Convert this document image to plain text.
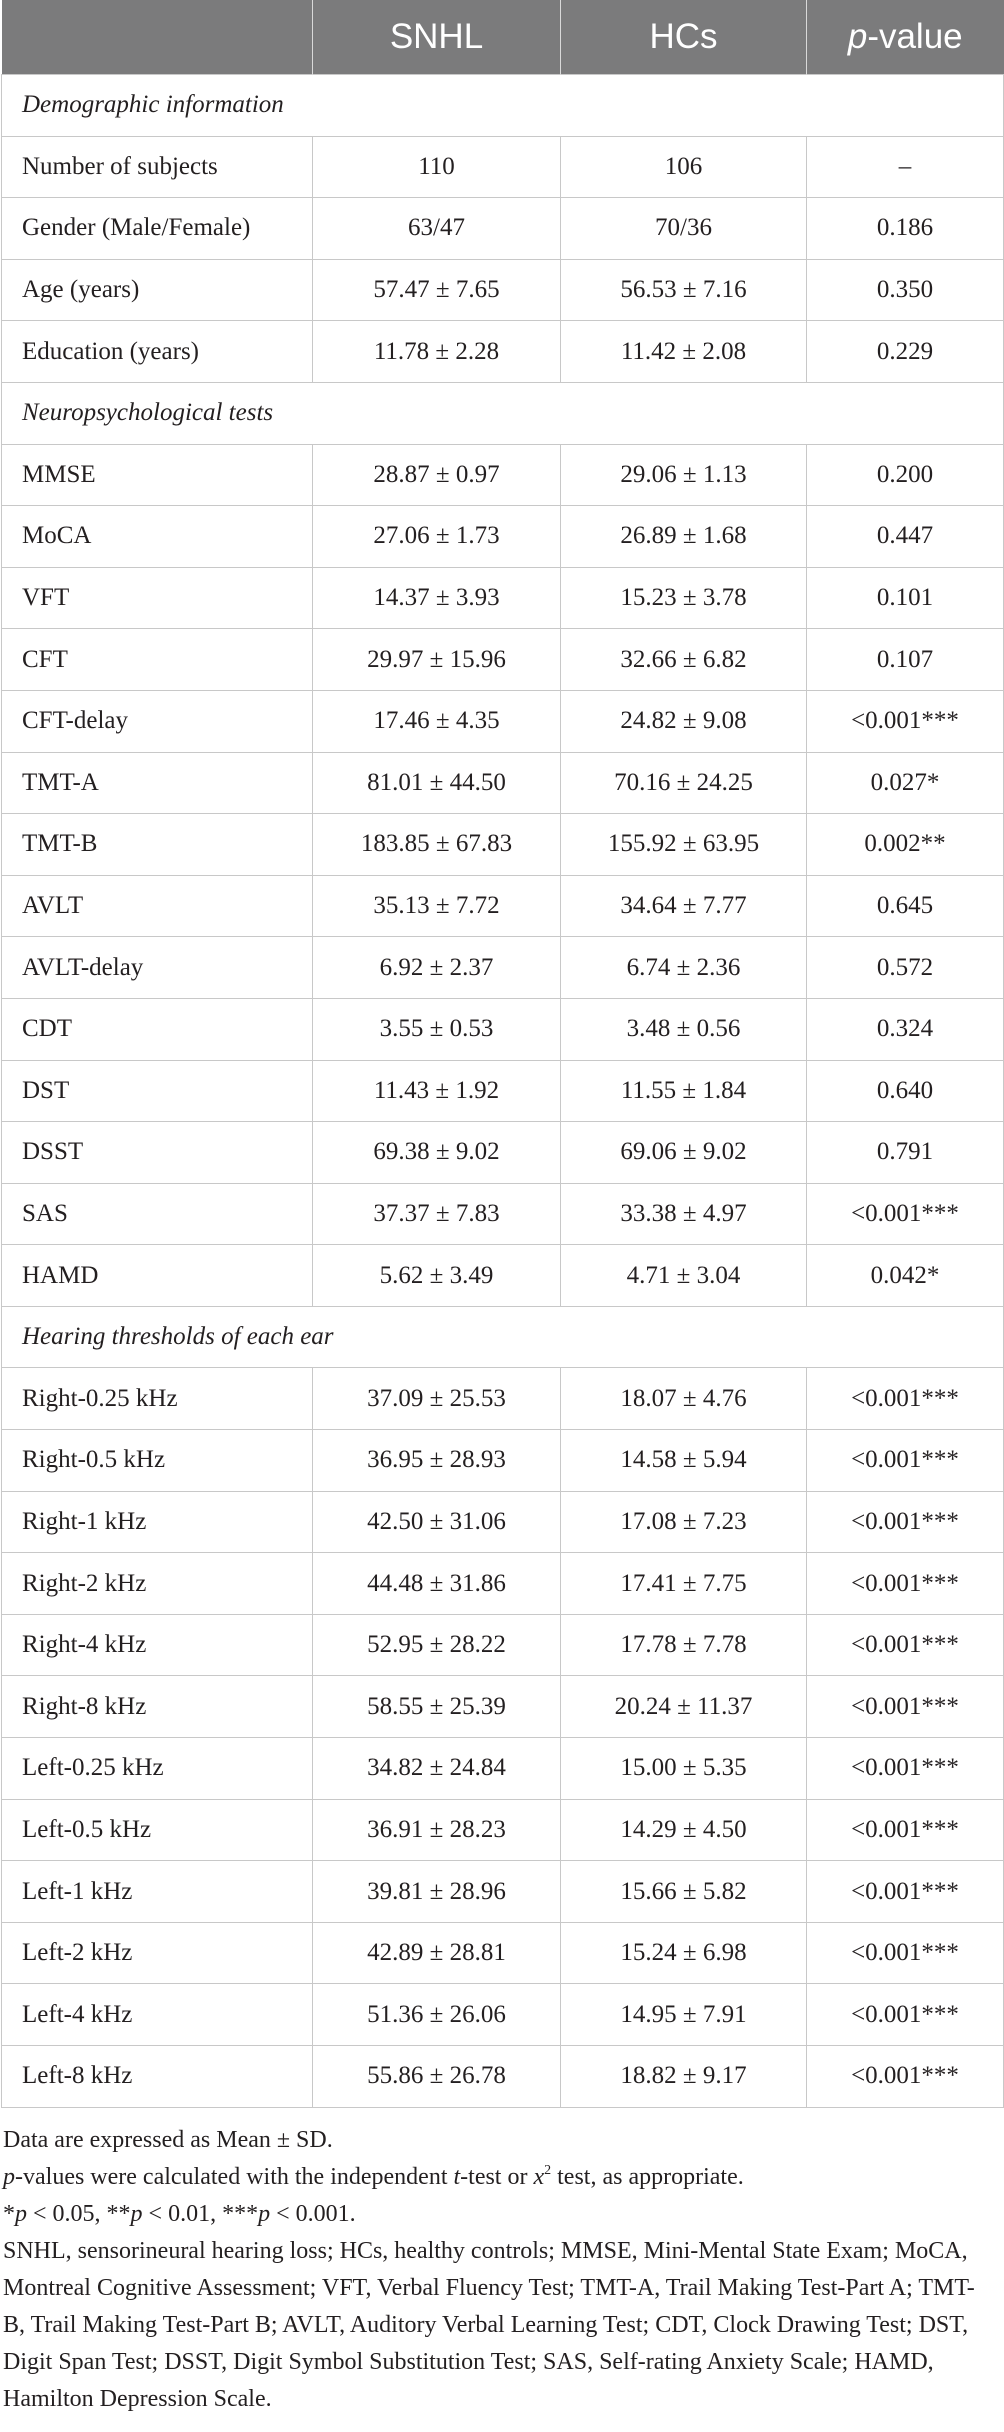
	SNHL	HCs	p-value
Demographic information			
Number of subjects	110	106	–
Gender (Male/Female)	63/47	70/36	0.186
Age (years)	57.47 ± 7.65	56.53 ± 7.16	0.350
Education (years)	11.78 ± 2.28	11.42 ± 2.08	0.229
Neuropsychological tests			
MMSE	28.87 ± 0.97	29.06 ± 1.13	0.200
MoCA	27.06 ± 1.73	26.89 ± 1.68	0.447
VFT	14.37 ± 3.93	15.23 ± 3.78	0.101
CFT	29.97 ± 15.96	32.66 ± 6.82	0.107
CFT-delay	17.46 ± 4.35	24.82 ± 9.08	<0.001***
TMT-A	81.01 ± 44.50	70.16 ± 24.25	0.027*
TMT-B	183.85 ± 67.83	155.92 ± 63.95	0.002**
AVLT	35.13 ± 7.72	34.64 ± 7.77	0.645
AVLT-delay	6.92 ± 2.37	6.74 ± 2.36	0.572
CDT	3.55 ± 0.53	3.48 ± 0.56	0.324
DST	11.43 ± 1.92	11.55 ± 1.84	0.640
DSST	69.38 ± 9.02	69.06 ± 9.02	0.791
SAS	37.37 ± 7.83	33.38 ± 4.97	<0.001***
HAMD	5.62 ± 3.49	4.71 ± 3.04	0.042*
Hearing thresholds of each ear			
Right-0.25 kHz	37.09 ± 25.53	18.07 ± 4.76	<0.001***
Right-0.5 kHz	36.95 ± 28.93	14.58 ± 5.94	<0.001***
Right-1 kHz	42.50 ± 31.06	17.08 ± 7.23	<0.001***
Right-2 kHz	44.48 ± 31.86	17.41 ± 7.75	<0.001***
Right-4 kHz	52.95 ± 28.22	17.78 ± 7.78	<0.001***
Right-8 kHz	58.55 ± 25.39	20.24 ± 11.37	<0.001***
Left-0.25 kHz	34.82 ± 24.84	15.00 ± 5.35	<0.001***
Left-0.5 kHz	36.91 ± 28.23	14.29 ± 4.50	<0.001***
Left-1 kHz	39.81 ± 28.96	15.66 ± 5.82	<0.001***
Left-2 kHz	42.89 ± 28.81	15.24 ± 6.98	<0.001***
Left-4 kHz	51.36 ± 26.06	14.95 ± 7.91	<0.001***
Left-8 kHz	55.86 ± 26.78	18.82 ± 9.17	<0.001***

Data are expressed as Mean ± SD.

p-values were calculated with the independent t-test or $x^2$ test, as appropriate.

*p < 0.05, **p < 0.01, ***p < 0.001.

SNHL, sensorineural hearing loss; HCs, healthy controls; MMSE, Mini-Mental State Exam; MoCA, Montreal Cognitive Assessment; VFT, Verbal Fluency Test; TMT-A, Trail Making Test-Part A; TMT-B, Trail Making Test-Part B; AVLT, Auditory Verbal Learning Test; CDT, Clock Drawing Test; DST, Digit Span Test; DSST, Digit Symbol Substitution Test; SAS, Self-rating Anxiety Scale; HAMD, Hamilton Depression Scale.
